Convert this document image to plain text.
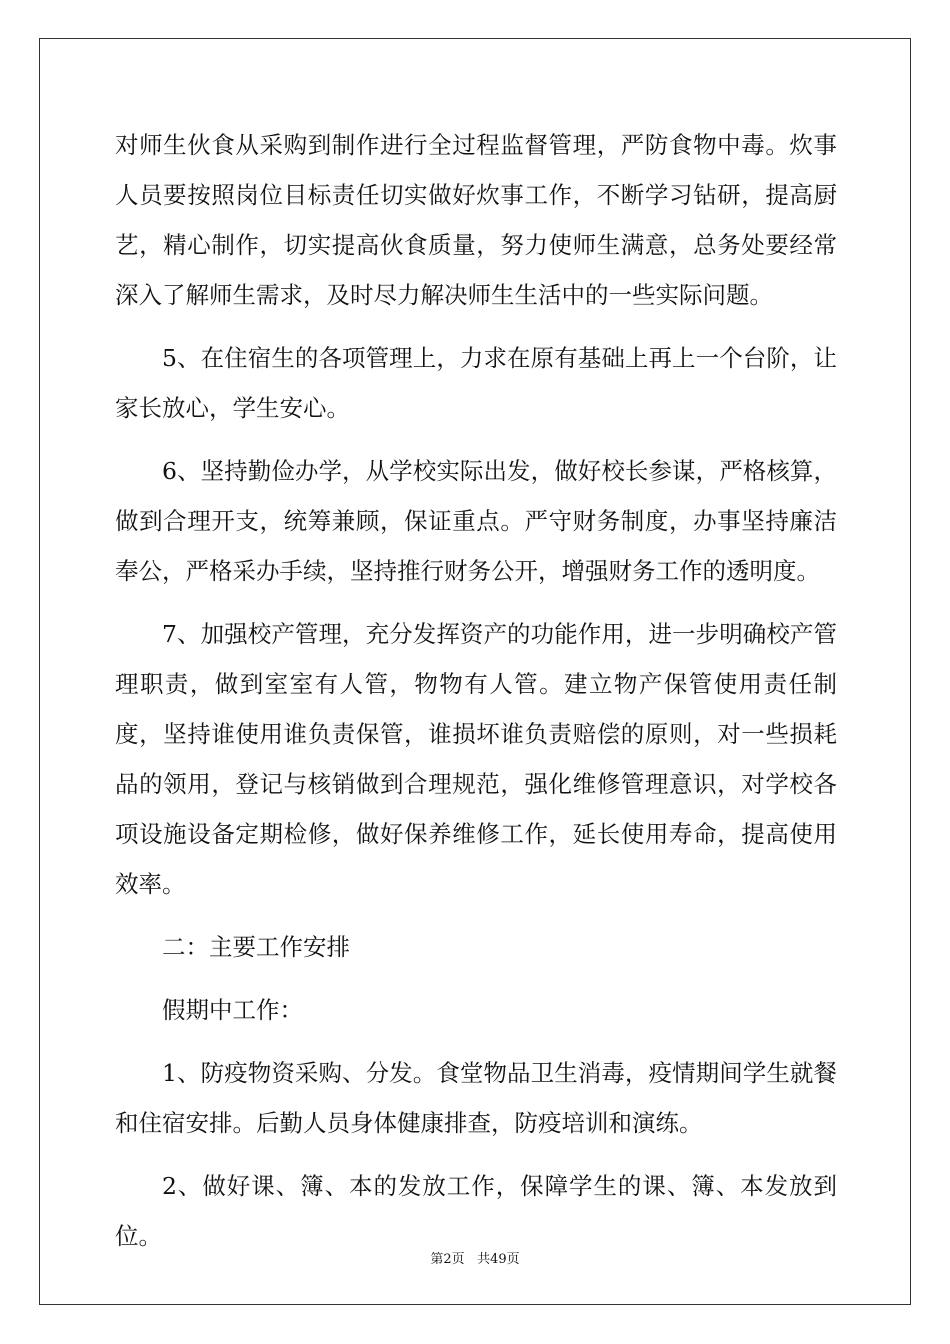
对师生伙食从采购到制作进行全过程监督管理，严防食物中毒。炊事人员要按照岗位目标责任切实做好炊事工作，不断学习钻研，提高厨艺，精心制作，切实提高伙食质量，努力使师生满意，总务处要经常深入了解师生需求，及时尽力解决师生生活中的一些实际问题。

5、在住宿生的各项管理上，力求在原有基础上再上一个台阶，让家长放心，学生安心。

6、坚持勤俭办学，从学校实际出发，做好校长参谋，严格核算，做到合理开支，统筹兼顾，保证重点。严守财务制度，办事坚持廉洁奉公，严格采办手续，坚持推行财务公开，增强财务工作的透明度。

7、加强校产管理，充分发挥资产的功能作用，进一步明确校产管理职责，做到室室有人管，物物有人管。建立物产保管使用责任制度，坚持谁使用谁负责保管，谁损坏谁负责赔偿的原则，对一些损耗品的领用，登记与核销做到合理规范，强化维修管理意识，对学校各项设施设备定期检修，做好保养维修工作，延长使用寿命，提高使用效率。

二：主要工作安排

假期中工作：

1、防疫物资采购、分发。食堂物品卫生消毒，疫情期间学生就餐和住宿安排。后勤人员身体健康排查，防疫培训和演练。

2、做好课、簿、本的发放工作，保障学生的课、簿、本发放到位。

第2页 共49页
